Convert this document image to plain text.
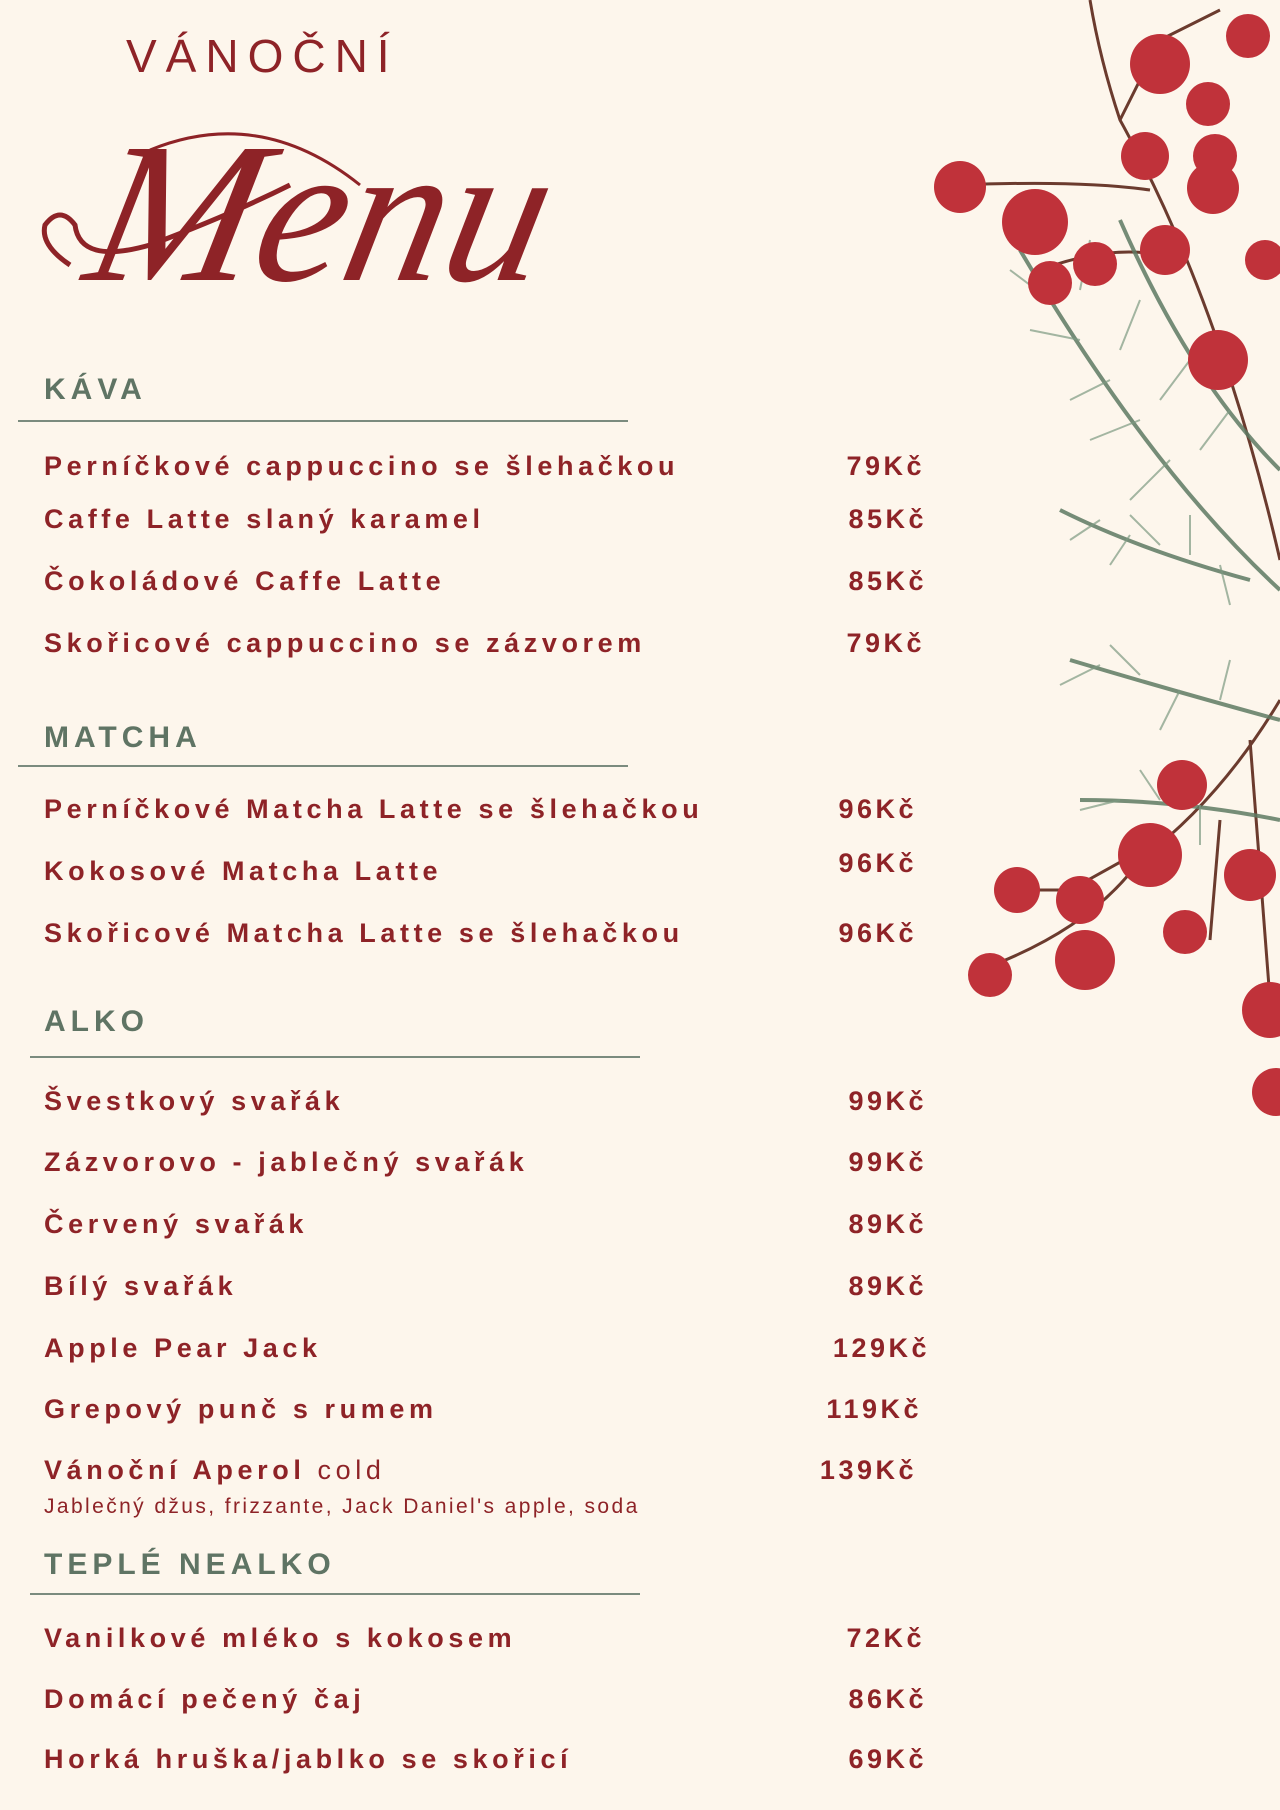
VÁNOČNÍ
Menu
KÁVA
Perníčkové cappuccino se šlehačkou	79Kč
Caffe Latte slaný karamel	85Kč
Čokoládové Caffe Latte	85Kč
Skořicové cappuccino se zázvorem	79Kč
MATCHA
Perníčkové Matcha Latte se šlehačkou	96Kč
Kokosové Matcha Latte	96Kč
Skořicové Matcha Latte se šlehačkou	96Kč
ALKO
Švestkový svařák	99Kč
Zázvorovo - jablečný svařák	99Kč
Červený svařák	89Kč
Bílý svařák	89Kč
Apple Pear Jack	129Kč
Grepový punč s rumem	119Kč
Vánoční Aperol cold	139Kč
Jablečný džus, frizzante, Jack Daniel's apple, soda
TEPLÉ NEALKO
Vanilkové mléko s kokosem	72Kč
Domácí pečený čaj	86Kč
Horká hruška/jablko se skořicí	69Kč
